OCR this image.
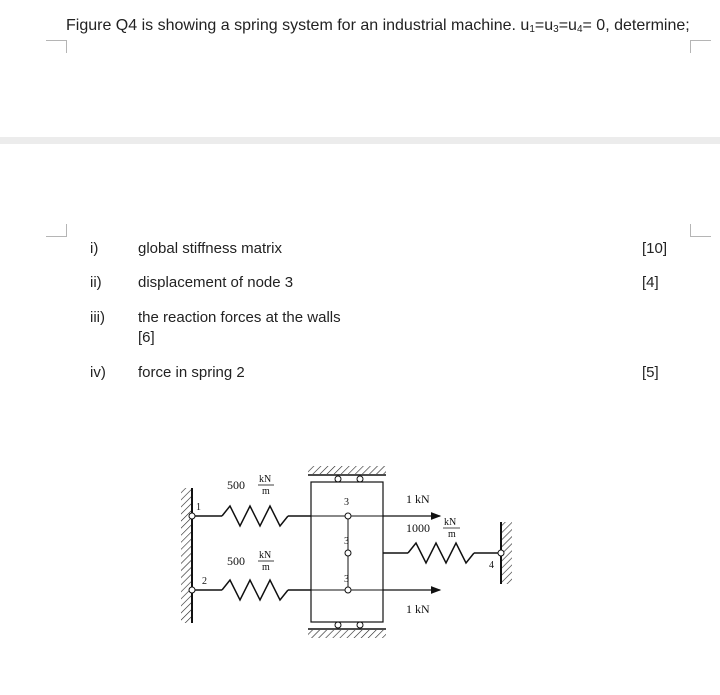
Figure Q4 is showing a spring system for an industrial machine. $u_1=u_3=u_4= 0$, determine;
i)	global stiffness matrix	[10]
ii) displacement of node 3	[4]
iii) the reaction forces at the walls
[6]
iv) force in spring 2	[5]
500 kN
m
500 kN
m
1000 kN
m
1 kN
1 kN
1
2
3
3
3
4
